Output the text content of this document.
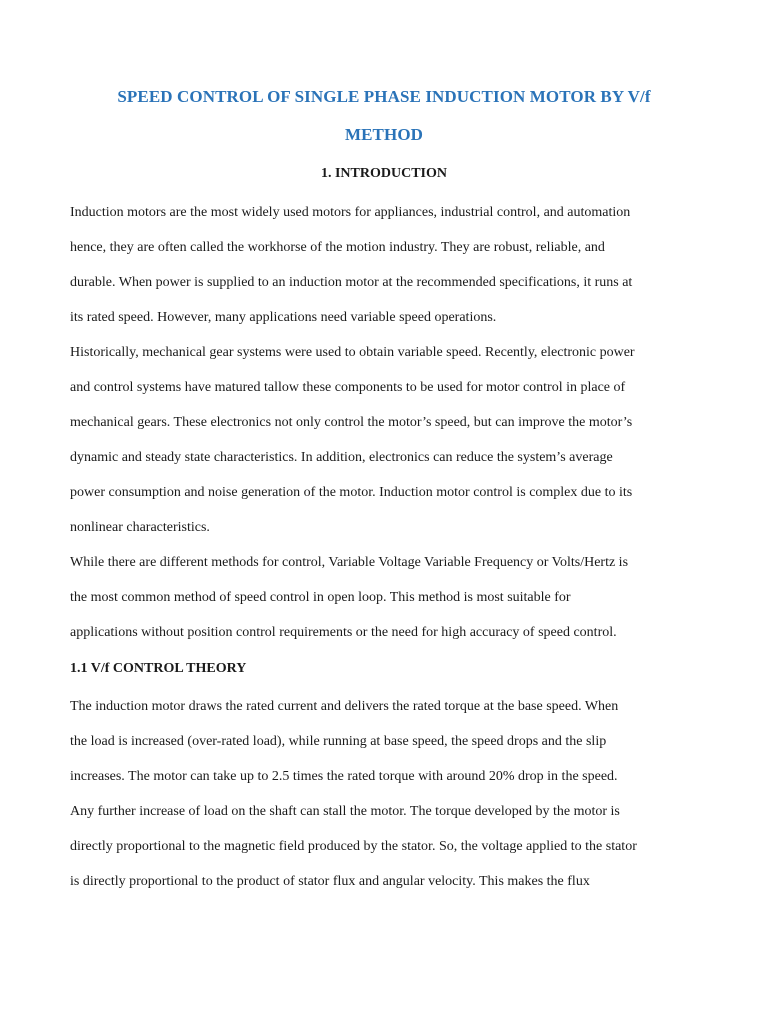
SPEED CONTROL OF SINGLE PHASE INDUCTION MOTOR BY V/f
METHOD
1. INTRODUCTION

Induction motors are the most widely used motors for appliances, industrial control, and automation

hence, they are often called the workhorse of the motion industry. They are robust, reliable, and

durable. When power is supplied to an induction motor at the recommended specifications, it runs at

its rated speed. However, many applications need variable speed operations.

Historically, mechanical gear systems were used to obtain variable speed. Recently, electronic power

and control systems have matured tallow these components to be used for motor control in place of

mechanical gears. These electronics not only control the motor’s speed, but can improve the motor’s

dynamic and steady state characteristics. In addition, electronics can reduce the system’s average

power consumption and noise generation of the motor. Induction motor control is complex due to its

nonlinear characteristics.

While there are different methods for control, Variable Voltage Variable Frequency or Volts/Hertz is

the most common method of speed control in open loop. This method is most suitable for

applications without position control requirements or the need for high accuracy of speed control.

1.1 V/f CONTROL THEORY

The induction motor draws the rated current and delivers the rated torque at the base speed. When

the load is increased (over-rated load), while running at base speed, the speed drops and the slip

increases. The motor can take up to 2.5 times the rated torque with around 20% drop in the speed.

Any further increase of load on the shaft can stall the motor. The torque developed by the motor is

directly proportional to the magnetic field produced by the stator. So, the voltage applied to the stator

is directly proportional to the product of stator flux and angular velocity. This makes the flux
